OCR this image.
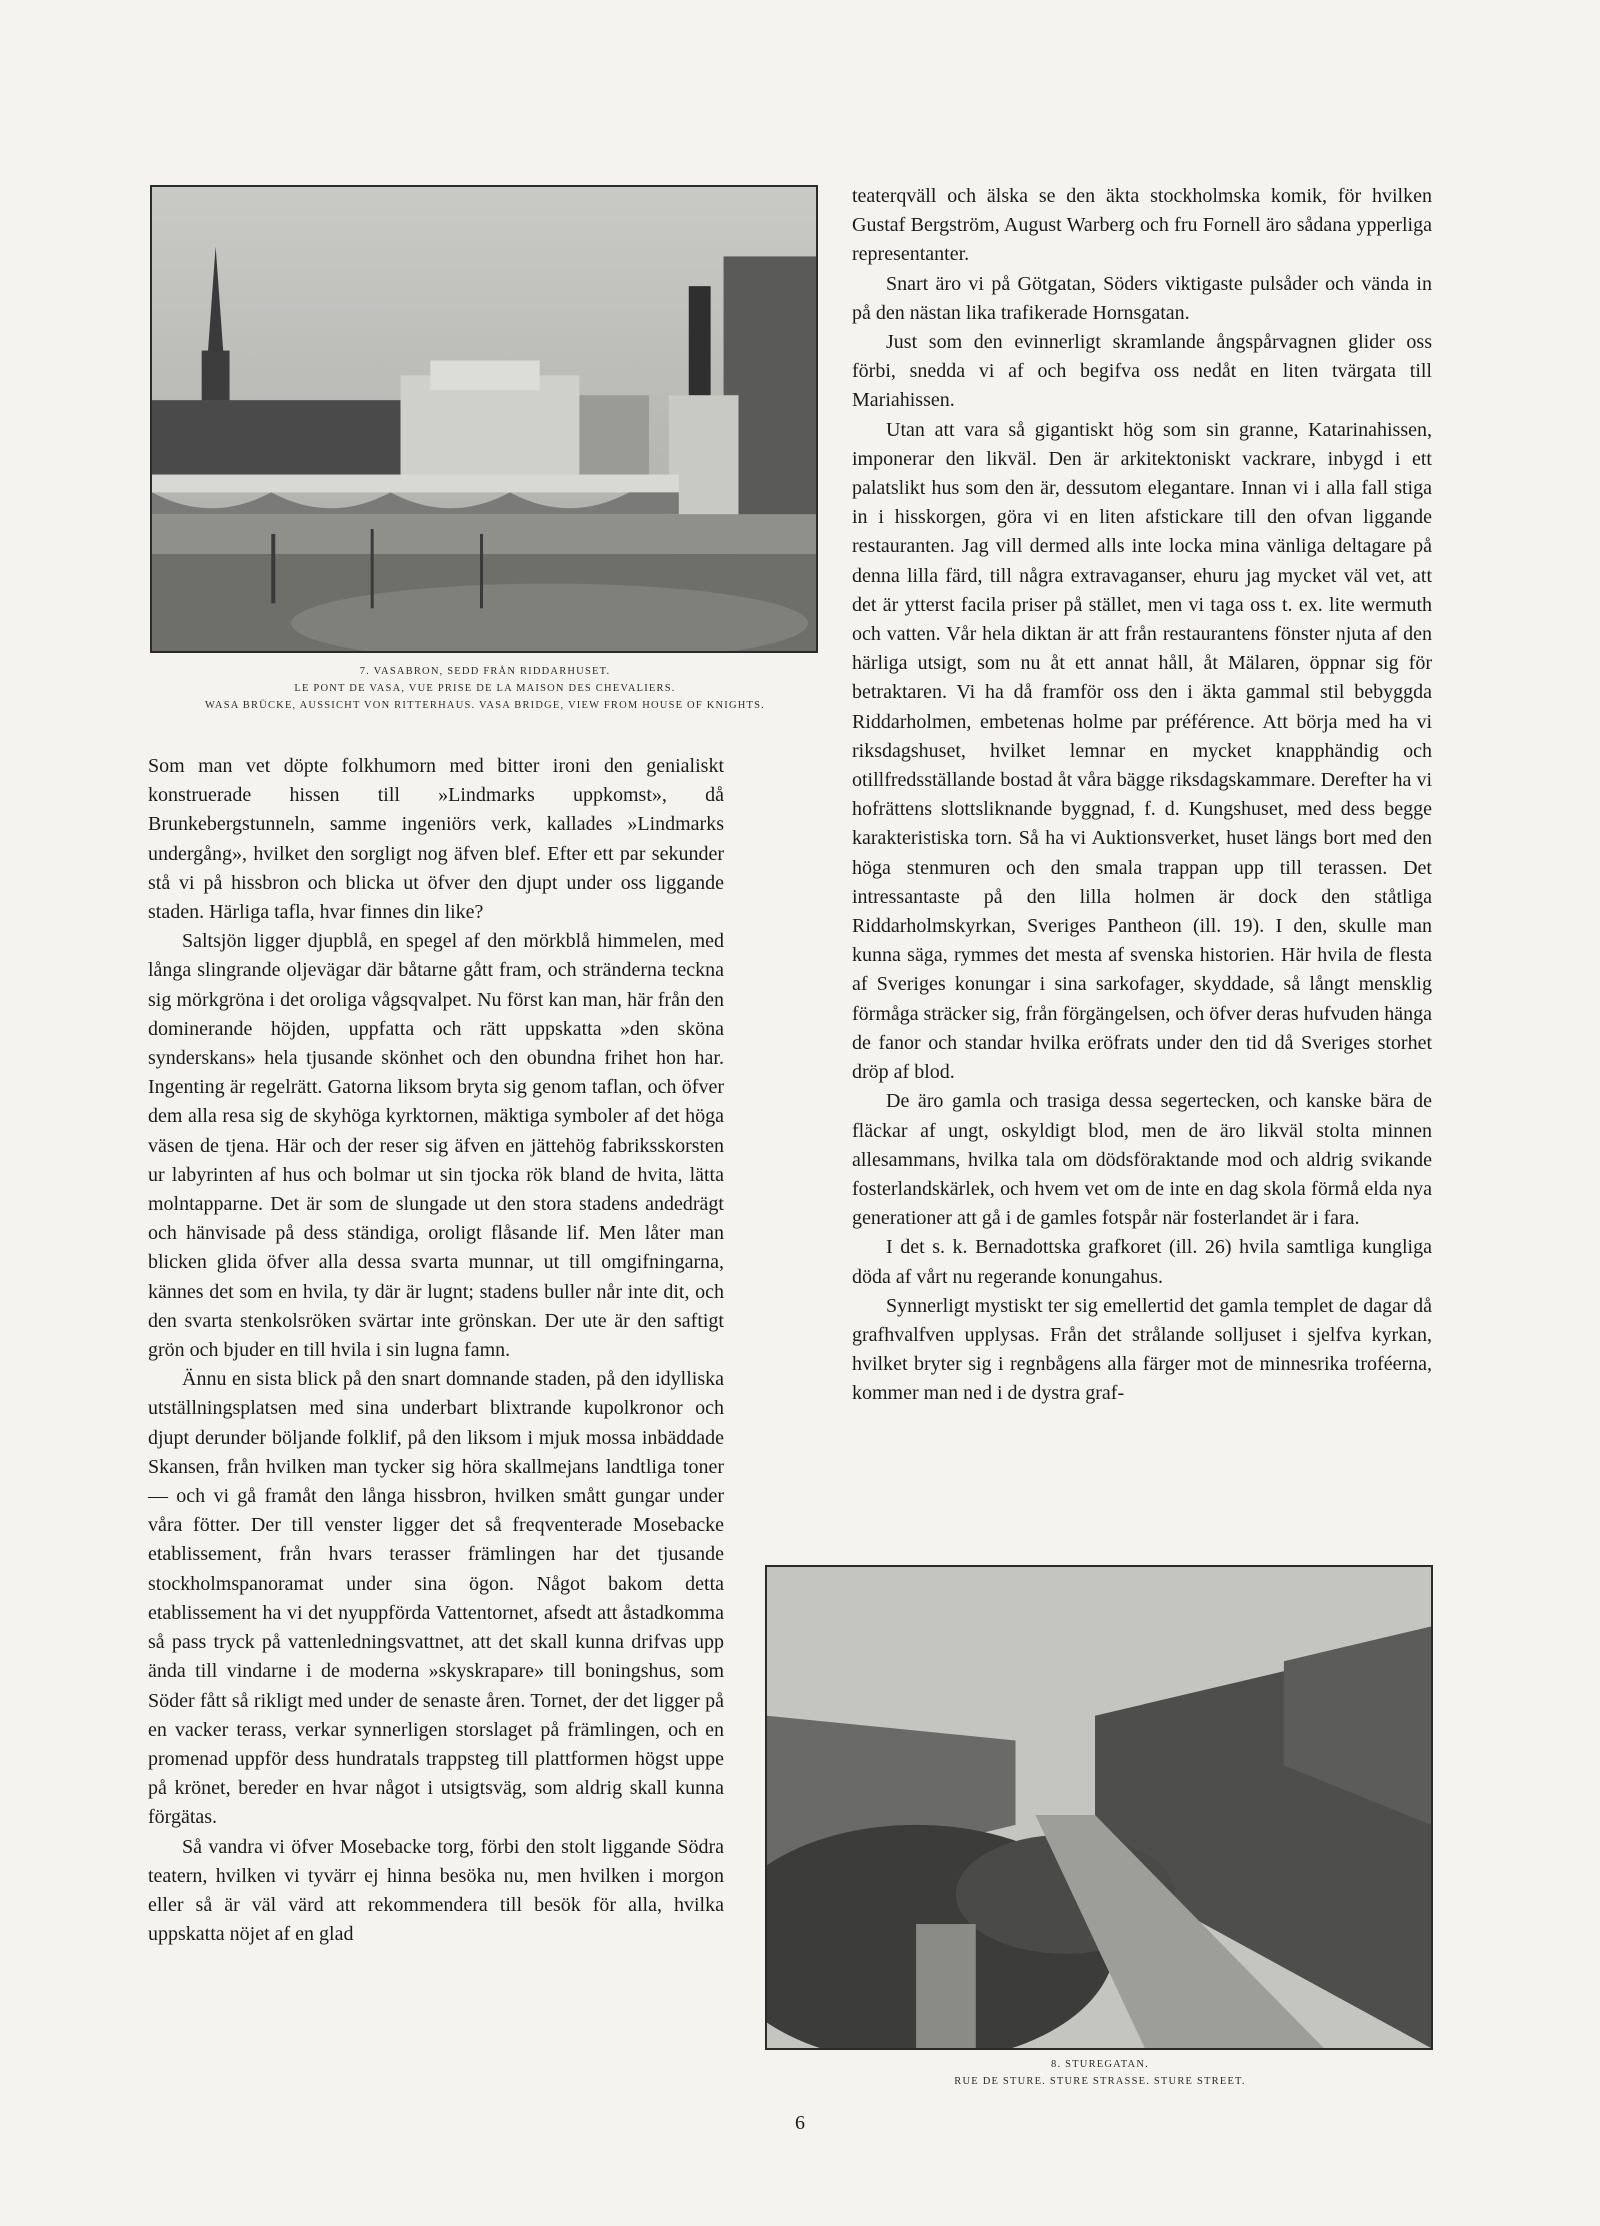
7. VASABRON, SEDD FRÅN RIDDARHUSET.
LE PONT DE VASA, VUE PRISE DE LA MAISON DES CHEVALIERS.
WASA BRÜCKE, AUSSICHT VON RITTERHAUS. VASA BRIDGE, VIEW FROM HOUSE OF KNIGHTS.

Som man vet döpte folkhumorn med bitter ironi den genialiskt konstruerade hissen till »Lindmarks uppkomst», då Brunkebergstunneln, samme ingeniörs verk, kallades »Lindmarks undergång», hvilket den sorgligt nog äfven blef. Efter ett par sekunder stå vi på hissbron och blicka ut öfver den djupt under oss liggande staden. Härliga tafla, hvar finnes din like?

Saltsjön ligger djupblå, en spegel af den mörkblå himmelen, med långa slingrande oljevägar där båtarne gått fram, och stränderna teckna sig mörkgröna i det oroliga vågsqvalpet. Nu först kan man, här från den dominerande höjden, uppfatta och rätt uppskatta »den sköna synderskans» hela tjusande skönhet och den obundna frihet hon har. Ingenting är regelrätt. Gatorna liksom bryta sig genom taflan, och öfver dem alla resa sig de skyhöga kyrktornen, mäktiga symboler af det höga väsen de tjena. Här och der reser sig äfven en jättehög fabriksskorsten ur labyrinten af hus och bolmar ut sin tjocka rök bland de hvita, lätta molntapparne. Det är som de slungade ut den stora stadens andedrägt och hänvisade på dess ständiga, oroligt flåsande lif. Men låter man blicken glida öfver alla dessa svarta munnar, ut till omgifningarna, kännes det som en hvila, ty där är lugnt; stadens buller når inte dit, och den svarta stenkolsröken svärtar inte grönskan. Der ute är den saftigt grön och bjuder en till hvila i sin lugna famn.

Ännu en sista blick på den snart domnande staden, på den idylliska utställningsplatsen med sina underbart blixtrande kupolkronor och djupt derunder böljande folklif, på den liksom i mjuk mossa inbäddade Skansen, från hvilken man tycker sig höra skallmejans landtliga toner — och vi gå framåt den långa hissbron, hvilken smått gungar under våra fötter. Der till venster ligger det så freqventerade Mosebacke etablissement, från hvars terasser främlingen har det tjusande stockholmspanoramat under sina ögon. Något bakom detta etablissement ha vi det nyuppförda Vattentornet, afsedt att åstadkomma så pass tryck på vattenledningsvattnet, att det skall kunna drifvas upp ända till vindarne i de moderna »skyskrapare» till boningshus, som Söder fått så rikligt med under de senaste åren. Tornet, der det ligger på en vacker terass, verkar synnerligen storslaget på främlingen, och en promenad uppför dess hundratals trappsteg till plattformen högst uppe på krönet, bereder en hvar något i utsigtsväg, som aldrig skall kunna förgätas.

Så vandra vi öfver Mosebacke torg, förbi den stolt liggande Södra teatern, hvilken vi tyvärr ej hinna besöka nu, men hvilken i morgon eller så är väl värd att rekommendera till besök för alla, hvilka uppskatta nöjet af en glad

teaterqväll och älska se den äkta stockholmska komik, för hvilken Gustaf Bergström, August Warberg och fru Fornell äro sådana ypperliga representanter.

Snart äro vi på Götgatan, Söders viktigaste pulsåder och vända in på den nästan lika trafikerade Hornsgatan.

Just som den evinnerligt skramlande ångspårvagnen glider oss förbi, snedda vi af och begifva oss nedåt en liten tvärgata till Mariahissen.

Utan att vara så gigantiskt hög som sin granne, Katarinahissen, imponerar den likväl. Den är arkitektoniskt vackrare, inbygd i ett palatslikt hus som den är, dessutom elegantare. Innan vi i alla fall stiga in i hisskorgen, göra vi en liten afstickare till den ofvan liggande restauranten. Jag vill dermed alls inte locka mina vänliga deltagare på denna lilla färd, till några extravaganser, ehuru jag mycket väl vet, att det är ytterst facila priser på stället, men vi taga oss t. ex. lite wermuth och vatten. Vår hela diktan är att från restaurantens fönster njuta af den härliga utsigt, som nu åt ett annat håll, åt Mälaren, öppnar sig för betraktaren. Vi ha då framför oss den i äkta gammal stil bebyggda Riddarholmen, embetenas holme par préférence. Att börja med ha vi riksdagshuset, hvilket lemnar en mycket knapphändig och otillfredsställande bostad åt våra bägge riksdagskammare. Derefter ha vi hofrättens slottsliknande byggnad, f. d. Kungshuset, med dess begge karakteristiska torn. Så ha vi Auktionsverket, huset längs bort med den höga stenmuren och den smala trappan upp till terassen. Det intressantaste på den lilla holmen är dock den ståtliga Riddarholmskyrkan, Sveriges Pantheon (ill. 19). I den, skulle man kunna säga, rymmes det mesta af svenska historien. Här hvila de flesta af Sveriges konungar i sina sarkofager, skyddade, så långt mensklig förmåga sträcker sig, från förgängelsen, och öfver deras hufvuden hänga de fanor och standar hvilka eröfrats under den tid då Sveriges storhet dröp af blod.

De äro gamla och trasiga dessa segertecken, och kanske bära de fläckar af ungt, oskyldigt blod, men de äro likväl stolta minnen allesammans, hvilka tala om dödsföraktande mod och aldrig svikande fosterlandskärlek, och hvem vet om de inte en dag skola förmå elda nya generationer att gå i de gamles fotspår när fosterlandet är i fara.

I det s. k. Bernadottska grafkoret (ill. 26) hvila samtliga kungliga döda af vårt nu regerande konungahus.

Synnerligt mystiskt ter sig emellertid det gamla templet de dagar då grafhvalfven upplysas. Från det strålande solljuset i sjelfva kyrkan, hvilket bryter sig i regnbågens alla färger mot de minnesrika troféerna, kommer man ned i de dystra graf-

8. STUREGATAN.
RUE DE STURE. STURE STRASSE. STURE STREET.
6
